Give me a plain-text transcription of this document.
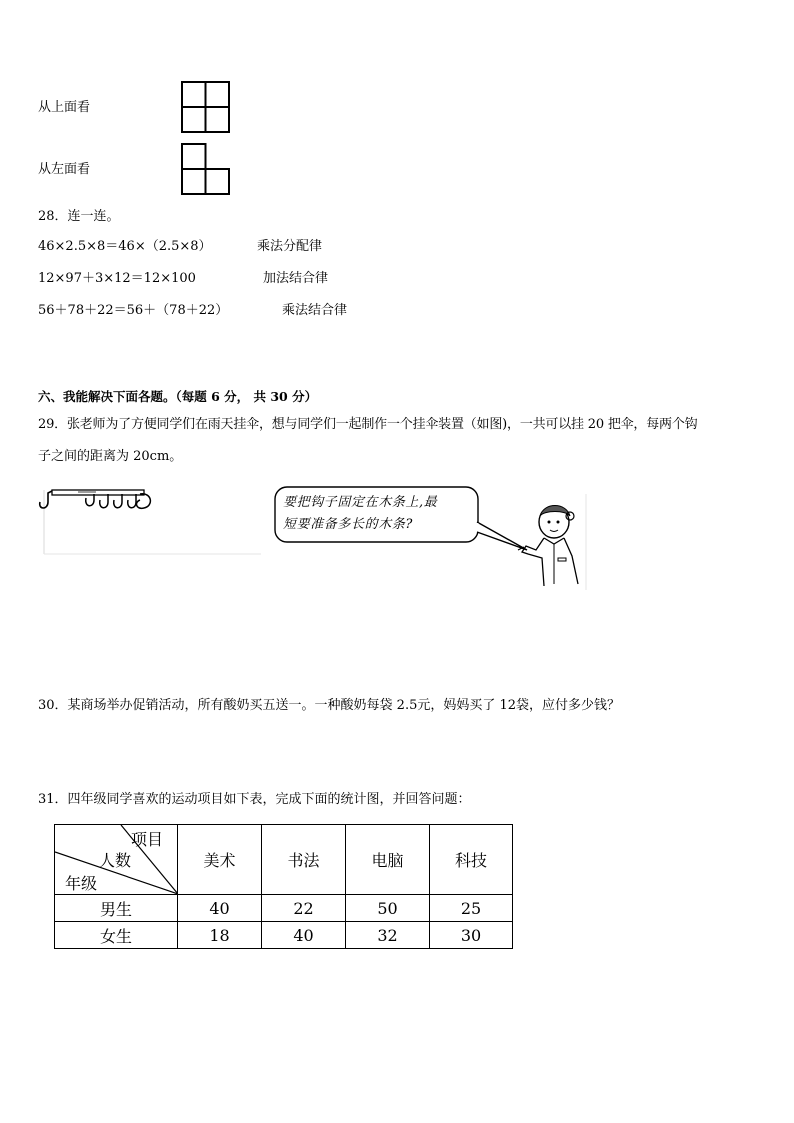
从上面看
从左面看
28．连一连。
46×2.5×8＝46×（2.5×8）	乘法分配律
12×97＋3×12＝12×100	加法结合律
56＋78＋22＝56＋（78＋22）	乘法结合律
六、我能解决下面各题。（每题 6 分， 共 30 分）
29．张老师为了方便同学们在雨天挂伞，想与同学们一起制作一个挂伞装置（如图)，一共可以挂 20 把伞，每两个钩
子之间的距离为 20cm。
要把钩子固定在木条上,最
短要准备多长的木条?
30．某商场举办促销活动，所有酸奶买五送一。一种酸奶每袋 2.5元，妈妈买了 12袋，应付多少钱？
31．四年级同学喜欢的运动项目如下表，完成下面的统计图，并回答问题：
项目
人数
年级	美术	书法	电脑	科技
男生	40	22	50	25
女生	18	40	32	30
